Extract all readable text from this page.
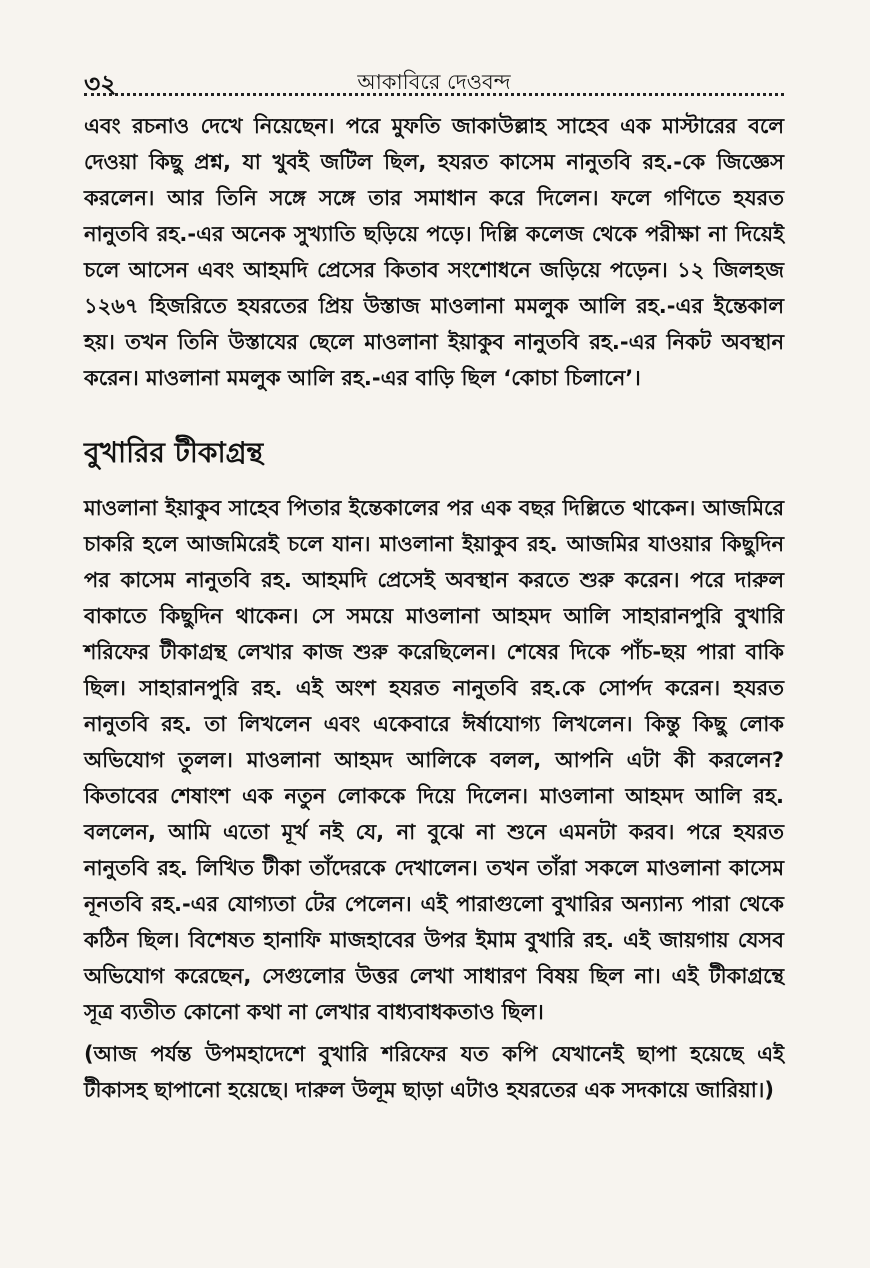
৩২	আকাবিরে দেওবন্দ

এবং রচনাও দেখে নিয়েছেন। পরে মুফতি জাকাউল্লাহ সাহেব এক মাস্টারের বলে দেওয়া কিছু প্রশ্ন, যা খুবই জটিল ছিল, হযরত কাসেম নানুতবি রহ.-কে জিজ্ঞেস করলেন। আর তিনি সঙ্গে সঙ্গে তার সমাধান করে দিলেন। ফলে গণিতে হযরত নানুতবি রহ.-এর অনেক সুখ্যাতি ছড়িয়ে পড়ে। দিল্লি কলেজ থেকে পরীক্ষা না দিয়েই চলে আসেন এবং আহমদি প্রেসের কিতাব সংশোধনে জড়িয়ে পড়েন। ১২ জিলহজ ১২৬৭ হিজরিতে হযরতের প্রিয় উস্তাজ মাওলানা মমলুক আলি রহ.-এর ইন্তেকাল হয়। তখন তিনি উস্তাযের ছেলে মাওলানা ইয়াকুব নানুতবি রহ.-এর নিকট অবস্থান করেন। মাওলানা মমলুক আলি রহ.-এর বাড়ি ছিল ‘কোচা চিলানে’।

বুখারির টীকাগ্রন্থ

মাওলানা ইয়াকুব সাহেব পিতার ইন্তেকালের পর এক বছর দিল্লিতে থাকেন। আজমিরে চাকরি হলে আজমিরেই চলে যান। মাওলানা ইয়াকুব রহ. আজমির যাওয়ার কিছুদিন পর কাসেম নানুতবি রহ. আহমদি প্রেসেই অবস্থান করতে শুরু করেন। পরে দারুল বাকাতে কিছুদিন থাকেন। সে সময়ে মাওলানা আহমদ আলি সাহারানপুরি বুখারি শরিফের টীকাগ্রন্থ লেখার কাজ শুরু করেছিলেন। শেষের দিকে পাঁচ-ছয় পারা বাকি ছিল। সাহারানপুরি রহ. এই অংশ হযরত নানুতবি রহ.কে সোর্পদ করেন। হযরত নানুতবি রহ. তা লিখলেন এবং একেবারে ঈর্ষাযোগ্য লিখলেন। কিন্তু কিছু লোক অভিযোগ তুলল। মাওলানা আহমদ আলিকে বলল, আপনি এটা কী করলেন? কিতাবের শেষাংশ এক নতুন লোককে দিয়ে দিলেন। মাওলানা আহমদ আলি রহ. বললেন, আমি এতো মূর্খ নই যে, না বুঝে না শুনে এমনটা করব। পরে হযরত নানুতবি রহ. লিখিত টীকা তাঁদেরকে দেখালেন। তখন তাঁরা সকলে মাওলানা কাসেম নূনতবি রহ.-এর যোগ্যতা টের পেলেন। এই পারাগুলো বুখারির অন্যান্য পারা থেকে কঠিন ছিল। বিশেষত হানাফি মাজহাবের উপর ইমাম বুখারি রহ. এই জায়গায় যেসব অভিযোগ করেছেন, সেগুলোর উত্তর লেখা সাধারণ বিষয় ছিল না। এই টীকাগ্রন্থে সূত্র ব্যতীত কোনো কথা না লেখার বাধ্যবাধকতাও ছিল।

(আজ পর্যন্ত উপমহাদেশে বুখারি শরিফের যত কপি যেখানেই ছাপা হয়েছে এই টীকাসহ ছাপানো হয়েছে। দারুল উলূম ছাড়া এটাও হযরতের এক সদকায়ে জারিয়া।)
